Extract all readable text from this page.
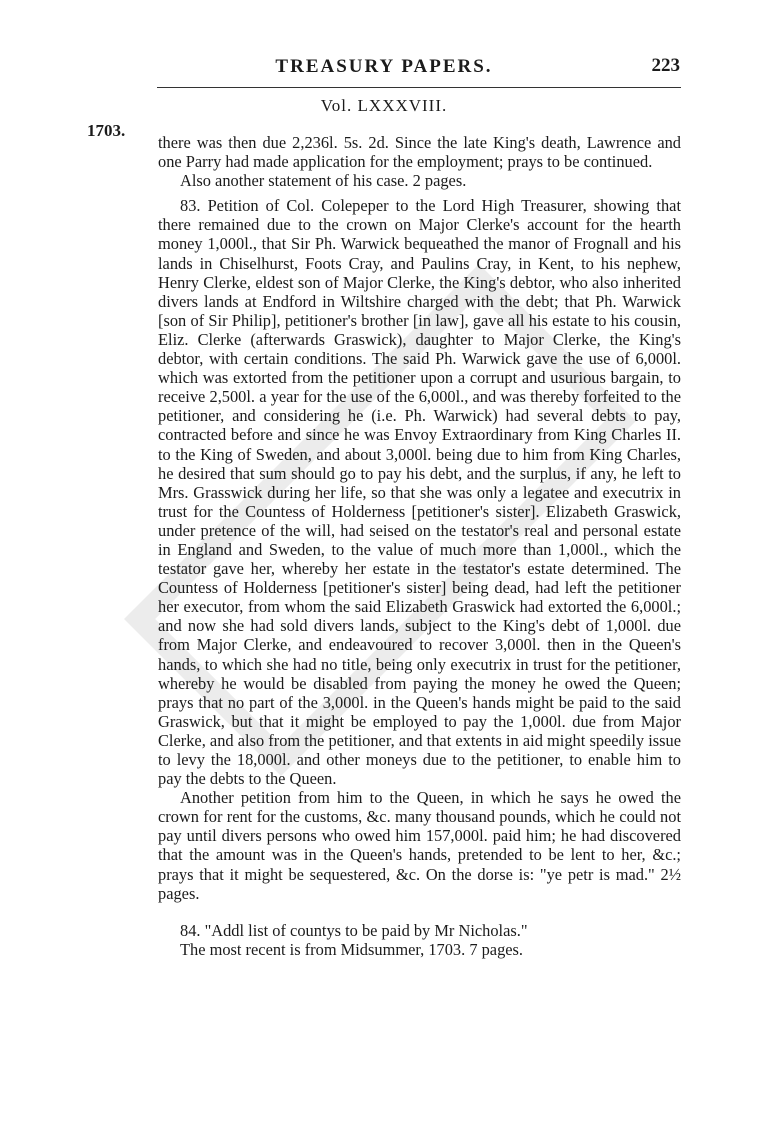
TREASURY PAPERS.	223
Vol. LXXXVIII.
1703.

there was then due 2,236l. 5s. 2d. Since the late King's death, Lawrence and one Parry had made application for the employment; prays to be continued.

Also another statement of his case. 2 pages.

83. Petition of Col. Colepeper to the Lord High Treasurer, showing that there remained due to the crown on Major Clerke's account for the hearth money 1,000l., that Sir Ph. Warwick bequeathed the manor of Frognall and his lands in Chiselhurst, Foots Cray, and Paulins Cray, in Kent, to his nephew, Henry Clerke, eldest son of Major Clerke, the King's debtor, who also inherited divers lands at Endford in Wiltshire charged with the debt; that Ph. Warwick [son of Sir Philip], petitioner's brother [in law], gave all his estate to his cousin, Eliz. Clerke (afterwards Graswick), daughter to Major Clerke, the King's debtor, with certain conditions. The said Ph. Warwick gave the use of 6,000l. which was extorted from the petitioner upon a corrupt and usurious bargain, to receive 2,500l. a year for the use of the 6,000l., and was thereby forfeited to the petitioner, and considering he (i.e. Ph. Warwick) had several debts to pay, contracted before and since he was Envoy Extraordinary from King Charles II. to the King of Sweden, and about 3,000l. being due to him from King Charles, he desired that sum should go to pay his debt, and the surplus, if any, he left to Mrs. Grasswick during her life, so that she was only a legatee and executrix in trust for the Countess of Holderness [petitioner's sister]. Elizabeth Graswick, under pretence of the will, had seised on the testator's real and personal estate in England and Sweden, to the value of much more than 1,000l., which the testator gave her, whereby her estate in the testator's estate determined. The Countess of Holderness [petitioner's sister] being dead, had left the petitioner her executor, from whom the said Elizabeth Graswick had extorted the 6,000l.; and now she had sold divers lands, subject to the King's debt of 1,000l. due from Major Clerke, and endeavoured to recover 3,000l. then in the Queen's hands, to which she had no title, being only executrix in trust for the petitioner, whereby he would be disabled from paying the money he owed the Queen; prays that no part of the 3,000l. in the Queen's hands might be paid to the said Graswick, but that it might be employed to pay the 1,000l. due from Major Clerke, and also from the petitioner, and that extents in aid might speedily issue to levy the 18,000l. and other moneys due to the petitioner, to enable him to pay the debts to the Queen.

Another petition from him to the Queen, in which he says he owed the crown for rent for the customs, &c. many thousand pounds, which he could not pay until divers persons who owed him 157,000l. paid him; he had discovered that the amount was in the Queen's hands, pretended to be lent to her, &c.; prays that it might be sequestered, &c. On the dorse is: "ye petr is mad." 2½ pages.

84. "Addl list of countys to be paid by Mr Nicholas."

The most recent is from Midsummer, 1703. 7 pages.
